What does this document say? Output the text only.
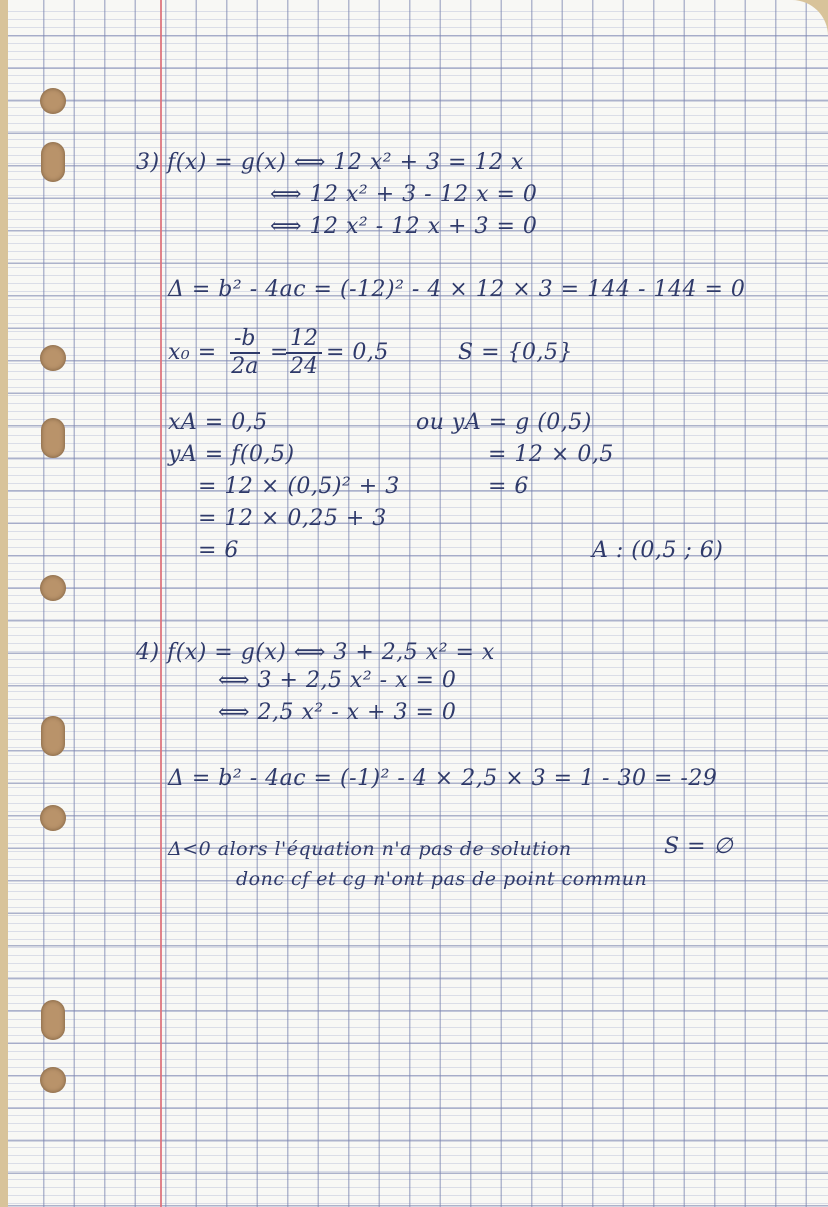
3) f(x) = g(x) ⟺ 12 x² + 3 = 12 x
⟺ 12 x² + 3 - 12 x = 0
⟺ 12 x² - 12 x + 3 = 0
Δ = b² - 4ac = (-12)² - 4 × 12 × 3 = 144 - 144 = 0
$x_0 = \frac{-b}{2a}$ =
$\frac{12}{24} = 0,5$	S = {0,5}
xA = 0,5
yA = f(0,5)
= 12 × (0,5)² + 3
= 12 × 0,25 + 3
= 6
ou yA = g (0,5)
= 12 × 0,5
= 6
A : (0,5 ; 6)
4) f(x) = g(x) ⟺ 3 + 2,5 x² = x
⟺ 3 + 2,5 x² - x = 0
⟺ 2,5 x² - x + 3 = 0
Δ = b² - 4ac = (-1)² - 4 × 2,5 × 3 = 1 - 30 = -29
Δ<0 alors l'équation n'a pas de solution	S = ∅
donc cf et cg n'ont pas de point commun
